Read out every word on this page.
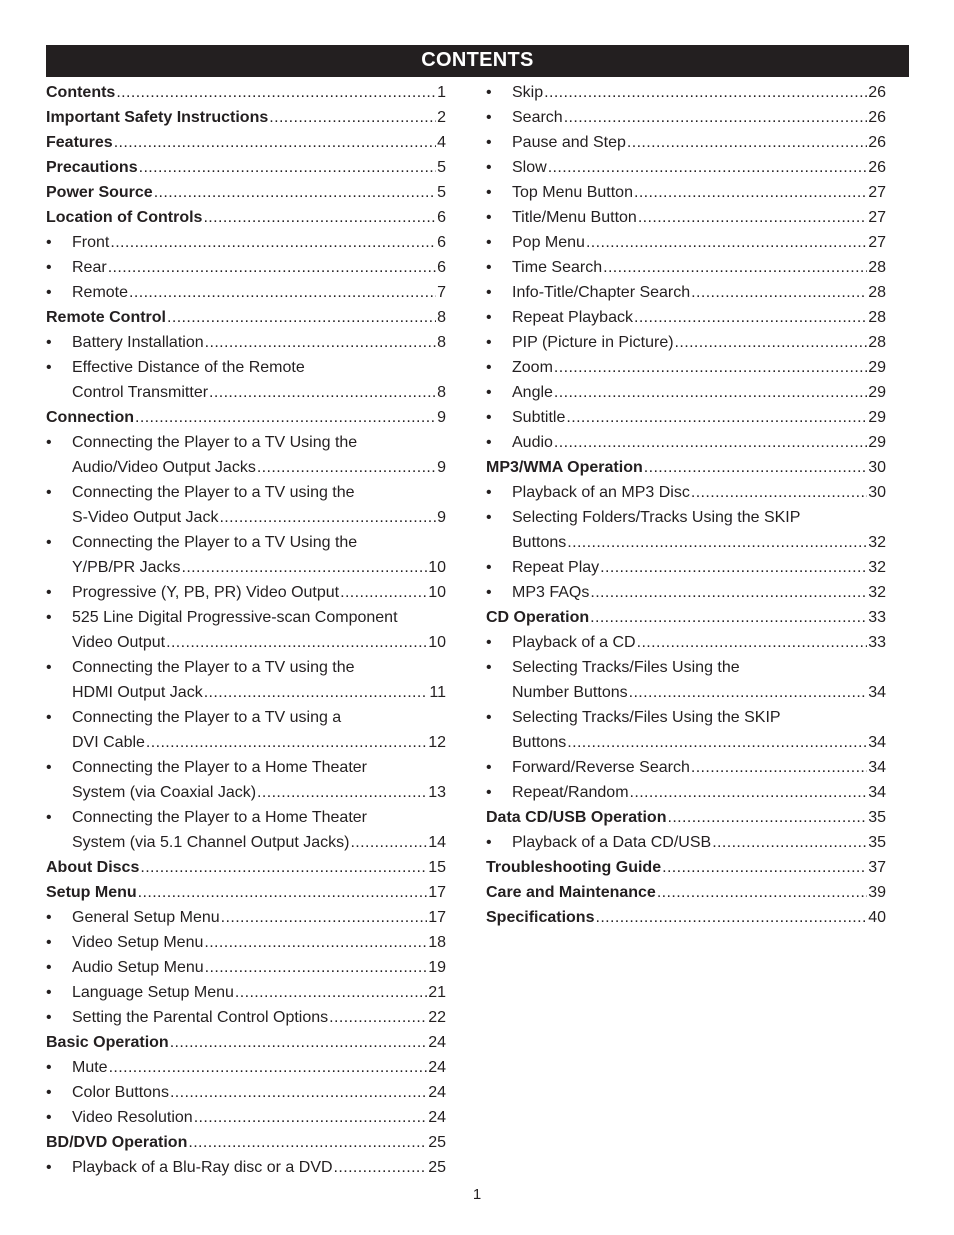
CONTENTS
Contents .....	1
Important Safety Instructions .....	2
Features .....	4
Precautions .....	5
Power Source .....	5
Location of Controls .....	6
• Front .....	6
• Rear .....	6
• Remote .....	7
Remote Control .....	8
• Battery Installation .....	8
• Effective Distance of the Remote
Control Transmitter .....	8
Connection .....	9
• Connecting the Player to a TV Using the
Audio/Video Output Jacks .....	9
• Connecting the Player to a TV using the
S-Video Output Jack .....	9
• Connecting the Player to a TV Using the
Y/PB/PR Jacks .....	10
• Progressive (Y, PB, PR) Video Output .....	10
• 525 Line Digital Progressive-scan Component
Video Output .....	10
• Connecting the Player to a TV using the
HDMI Output Jack .....	11
• Connecting the Player to a TV using a
DVI Cable .....	12
• Connecting the Player to a Home Theater
System (via Coaxial Jack) .....	13
• Connecting the Player to a Home Theater
System (via 5.1 Channel Output Jacks) .....	14
About Discs .....	15
Setup Menu .....	17
• General Setup Menu .....	17
• Video Setup Menu .....	18
• Audio Setup Menu .....	19
• Language Setup Menu .....	21
• Setting the Parental Control Options .....	22
Basic Operation .....	24
• Mute .....	24
• Color Buttons .....	24
• Video Resolution .....	24
BD/DVD Operation .....	25
• Playback of a Blu-Ray disc or a DVD .....	25
• Skip .....	26
• Search .....	26
• Pause and Step .....	26
• Slow .....	26
• Top Menu Button .....	27
• Title/Menu Button .....	27
• Pop Menu .....	27
• Time Search .....	28
• Info-Title/Chapter Search .....	28
• Repeat Playback .....	28
• PIP (Picture in Picture) .....	28
• Zoom .....	29
• Angle .....	29
• Subtitle .....	29
• Audio .....	29
MP3/WMA Operation .....	30
• Playback of an MP3 Disc .....	30
• Selecting Folders/Tracks Using the SKIP
Buttons .....	32
• Repeat Play .....	32
• MP3 FAQs .....	32
CD Operation .....	33
• Playback of a CD .....	33
• Selecting Tracks/Files Using the
Number Buttons .....	34
• Selecting Tracks/Files Using the SKIP
Buttons .....	34
• Forward/Reverse Search .....	34
• Repeat/Random .....	34
Data CD/USB Operation .....	35
• Playback of a Data CD/USB .....	35
Troubleshooting Guide .....	37
Care and Maintenance .....	39
Specifications .....	40
1
